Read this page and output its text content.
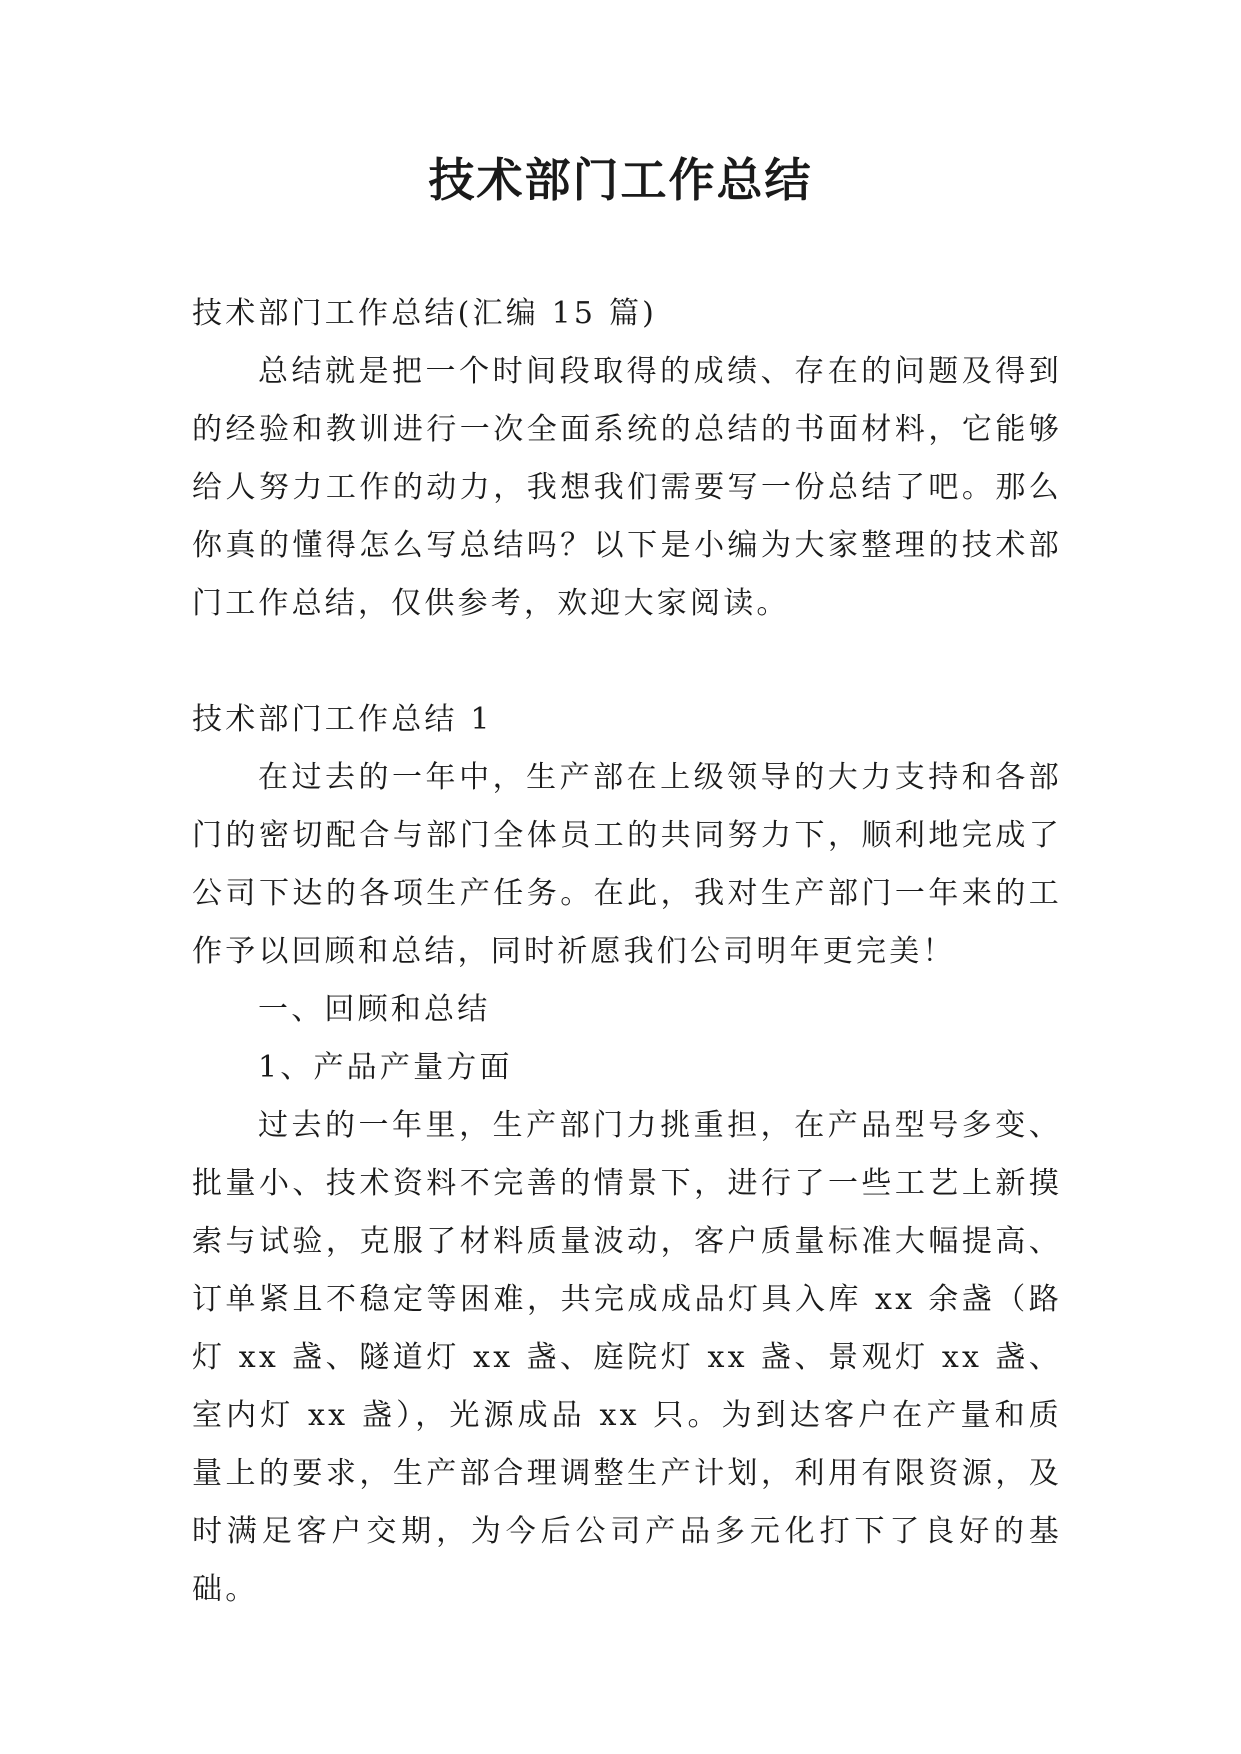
技术部门工作总结

技术部门工作总结(汇编 15 篇)

总结就是把一个时间段取得的成绩、存在的问题及得到的经验和教训进行一次全面系统的总结的书面材料，它能够给人努力工作的动力，我想我们需要写一份总结了吧。那么你真的懂得怎么写总结吗？以下是小编为大家整理的技术部门工作总结，仅供参考，欢迎大家阅读。

技术部门工作总结 1

在过去的一年中，生产部在上级领导的大力支持和各部门的密切配合与部门全体员工的共同努力下，顺利地完成了公司下达的各项生产任务。在此，我对生产部门一年来的工作予以回顾和总结，同时祈愿我们公司明年更完美！

一、回顾和总结

1、产品产量方面

过去的一年里，生产部门力挑重担，在产品型号多变、批量小、技术资料不完善的情景下，进行了一些工艺上新摸索与试验，克服了材料质量波动，客户质量标准大幅提高、订单紧且不稳定等困难，共完成成品灯具入库 xx 余盏（路灯 xx 盏、隧道灯 xx 盏、庭院灯 xx 盏、景观灯 xx 盏、室内灯 xx 盏），光源成品 xx 只。为到达客户在产量和质量上的要求，生产部合理调整生产计划，利用有限资源，及时满足客户交期，为今后公司产品多元化打下了良好的基础。
